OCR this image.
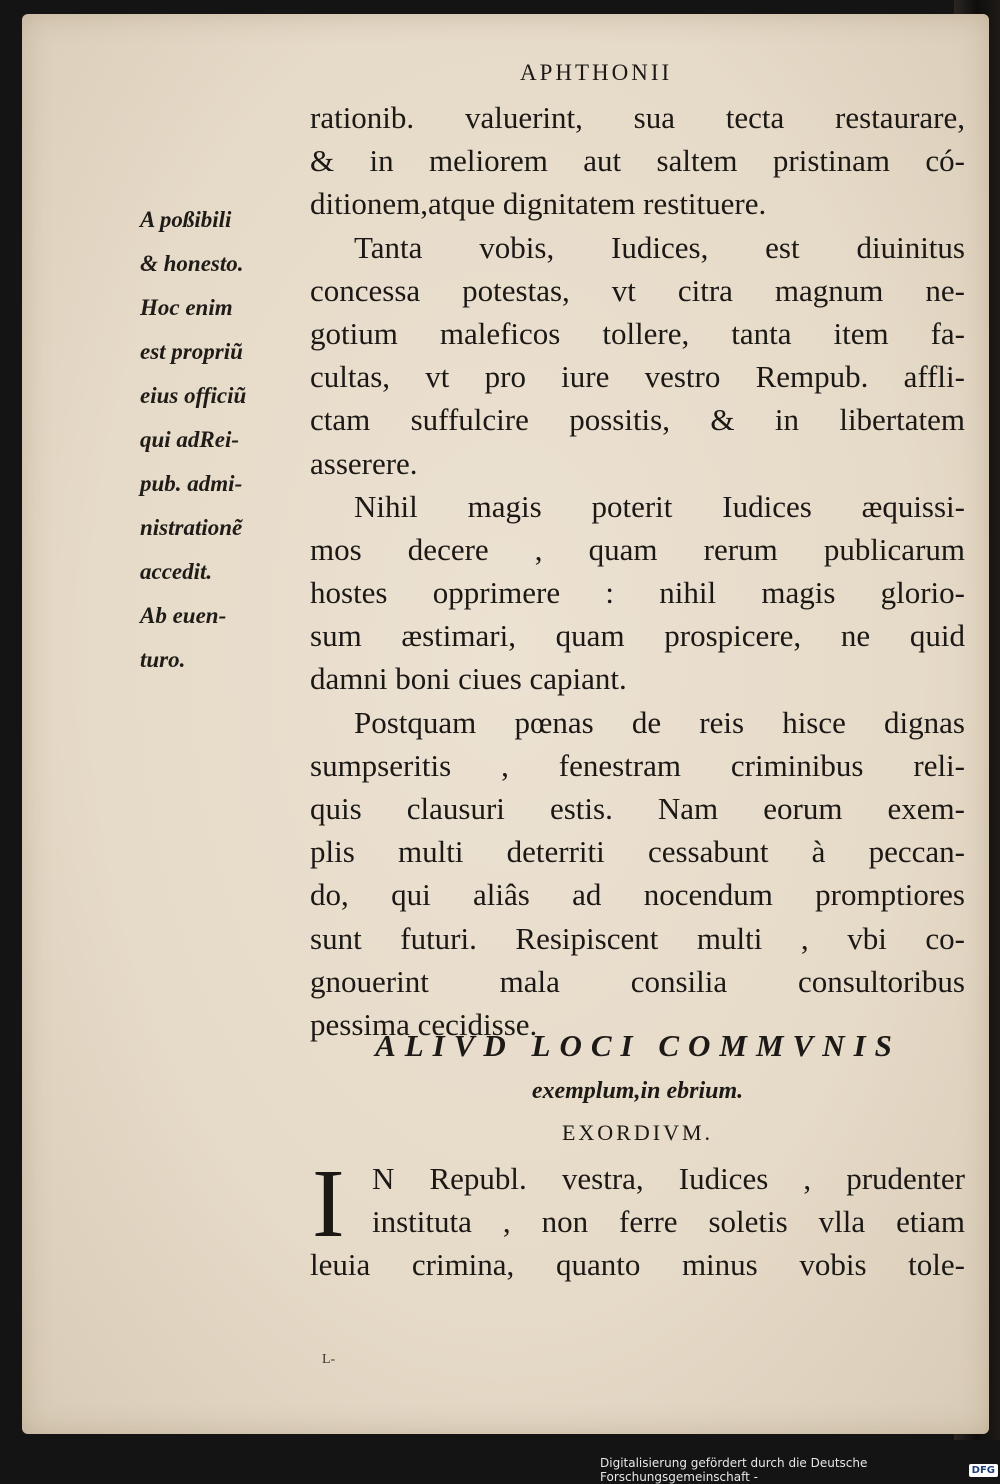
APHTHONII
A poßibili
& honesto.
Hoc enim
est propriũ
eius officiũ
qui adRei-
pub. admi-
nistrationẽ
accedit.
Ab euen-
turo.
rationib. valuerint, sua tecta restaurare,
& in meliorem aut saltem pristinam có-
ditionem,atque dignitatem restituere.
Tanta vobis, Iudices, est diuinitus
concessa potestas, vt citra magnum ne-
gotium maleficos tollere, tanta item fa-
cultas, vt pro iure vestro Rempub. affli-
ctam suffulcire possitis, & in libertatem
asserere.
Nihil magis poterit Iudices æquissi-
mos decere , quam rerum publicarum
hostes opprimere : nihil magis glorio-
sum æstimari, quam prospicere, ne quid
damni boni ciues capiant.
Postquam pœnas de reis hisce dignas
sumpseritis , fenestram criminibus reli-
quis clausuri estis. Nam eorum exem-
plis multi deterriti cessabunt à peccan-
do, qui aliâs ad nocendum promptiores
sunt futuri. Resipiscent multi , vbi co-
gnouerint mala consilia consultoribus
pessima cecidisse.
ALIVD LOCI COMMVNIS
exemplum,in ebrium.
EXORDIVM.
I N Republ. vestra, Iudices , prudenter
instituta , non ferre soletis vlla etiam
leuia crimina, quanto minus vobis tole-
L-
Digitalisierung gefördert durch die Deutsche Forschungsgemeinschaft -	DFG
